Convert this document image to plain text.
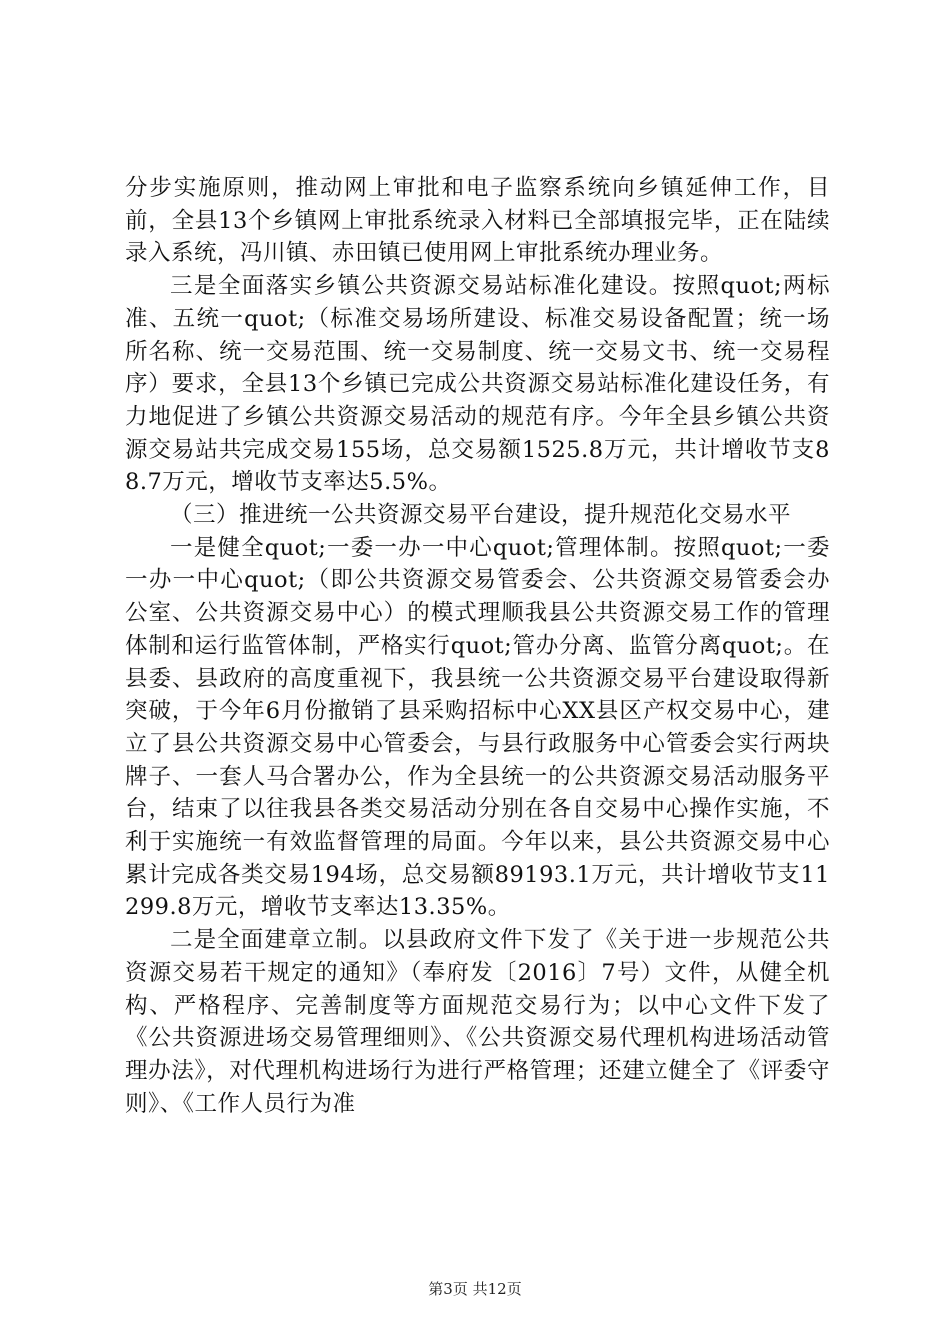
分步实施原则，推动网上审批和电子监察系统向乡镇延伸工作，目前，全县13个乡镇网上审批系统录入材料已全部填报完毕，正在陆续录入系统，冯川镇、赤田镇已使用网上审批系统办理业务。

三是全面落实乡镇公共资源交易站标准化建设。按照quot;两标准、五统一quot;（标准交易场所建设、标准交易设备配置；统一场所名称、统一交易范围、统一交易制度、统一交易文书、统一交易程序）要求，全县13个乡镇已完成公共资源交易站标准化建设任务，有力地促进了乡镇公共资源交易活动的规范有序。今年全县乡镇公共资源交易站共完成交易155场，总交易额1525.8万元，共计增收节支88.7万元，增收节支率达5.5%。

（三）推进统一公共资源交易平台建设，提升规范化交易水平

一是健全quot;一委一办一中心quot;管理体制。按照quot;一委一办一中心quot;（即公共资源交易管委会、公共资源交易管委会办公室、公共资源交易中心）的模式理顺我县公共资源交易工作的管理体制和运行监管体制，严格实行quot;管办分离、监管分离quot;。在县委、县政府的高度重视下，我县统一公共资源交易平台建设取得新突破，于今年6月份撤销了县采购招标中心XX县区产权交易中心，建立了县公共资源交易中心管委会，与县行政服务中心管委会实行两块牌子、一套人马合署办公，作为全县统一的公共资源交易活动服务平台，结束了以往我县各类交易活动分别在各自交易中心操作实施，不利于实施统一有效监督管理的局面。今年以来，县公共资源交易中心累计完成各类交易194场，总交易额89193.1万元，共计增收节支11299.8万元，增收节支率达13.35%。

二是全面建章立制。以县政府文件下发了《关于进一步规范公共资源交易若干规定的通知》（奉府发〔2016〕7号）文件，从健全机构、严格程序、完善制度等方面规范交易行为；以中心文件下发了《公共资源进场交易管理细则》、《公共资源交易代理机构进场活动管理办法》，对代理机构进场行为进行严格管理；还建立健全了《评委守则》、《工作人员行为准

第3页 共12页
